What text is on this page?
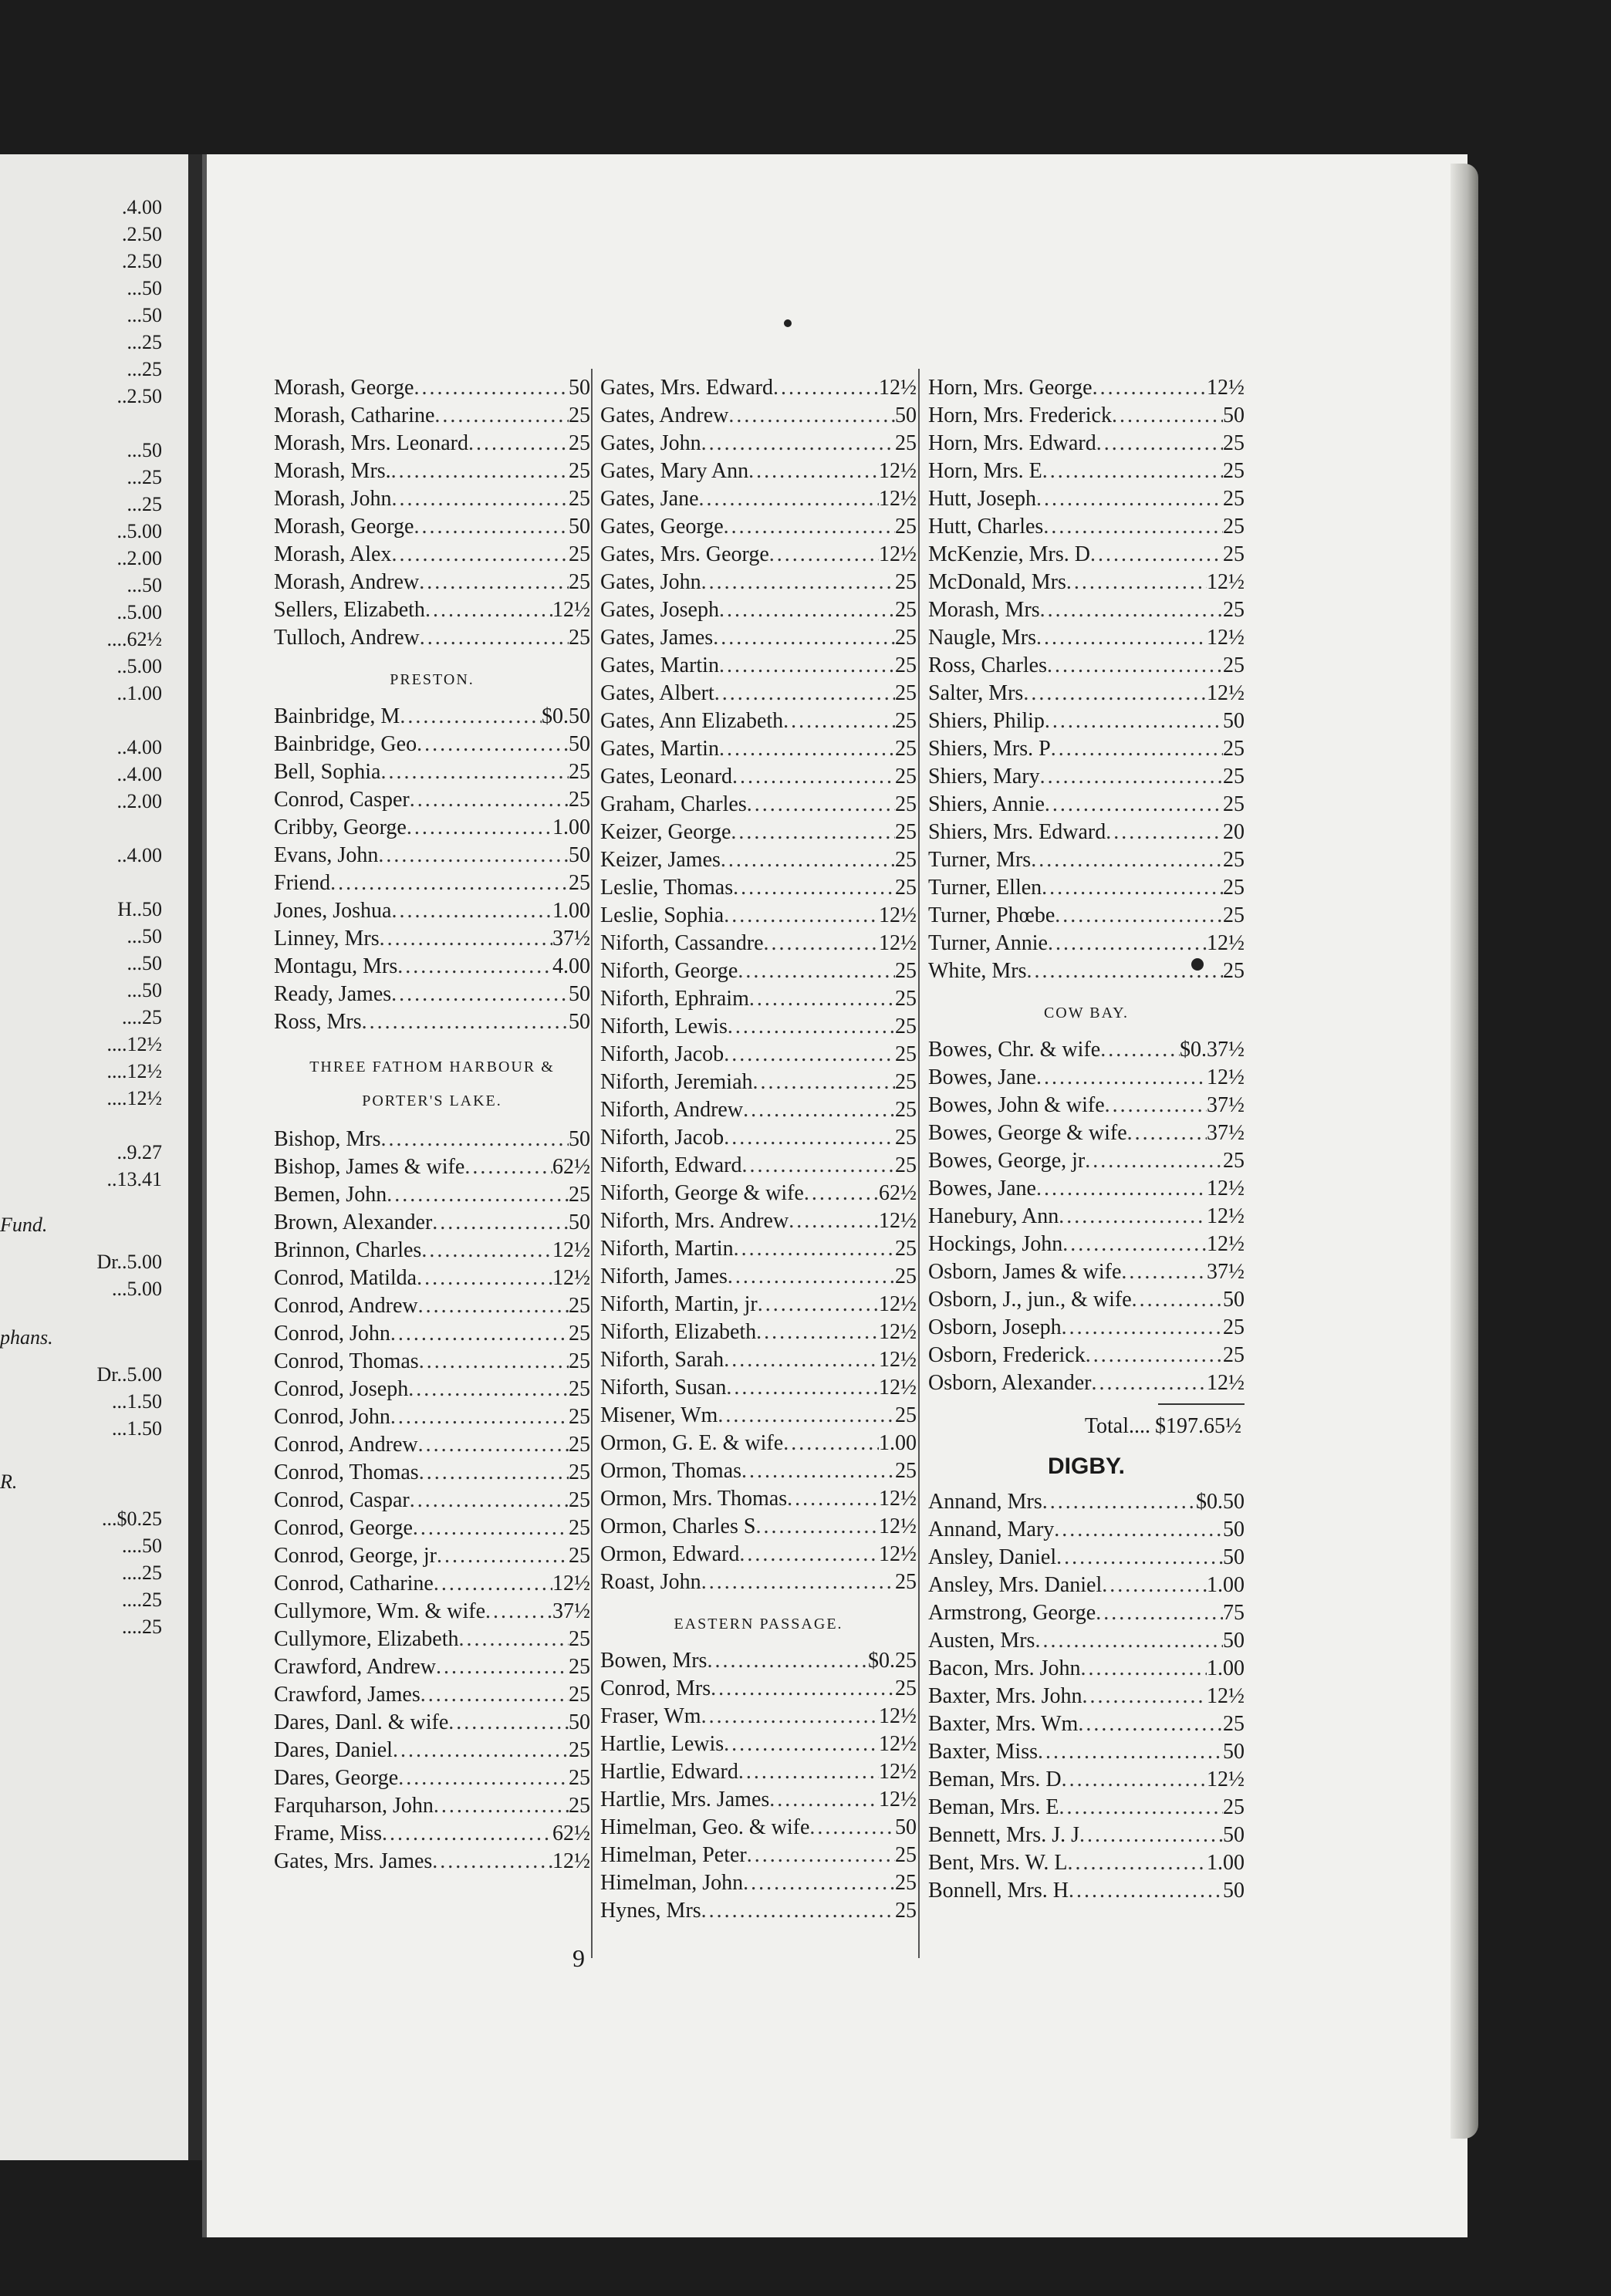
.4.00
.2.50
.2.50
...50
...50
...25
...25
..2.50
...50
...25
...25
..5.00
..2.00
...50
..5.00
....62½
..5.00
..1.00
..4.00
..4.00
..2.00
..4.00
H..50
...50
...50
...50
....25
....12½
....12½
....12½
..9.27
..13.41
Fund.
Dr..5.00
...5.00
phans.
Dr..5.00
...1.50
...1.50
R.
...$0.25
....50
....25
....25
....25
Morash, George .....	50
Morash, Catharine .....	25
Morash, Mrs. Leonard .....	25
Morash, Mrs. .....	25
Morash, John .....	25
Morash, George .....	50
Morash, Alex .....	25
Morash, Andrew .....	25
Sellers, Elizabeth .....	12½
Tulloch, Andrew .....	25
PRESTON.
Bainbridge, M .....	$0.50
Bainbridge, Geo .....	50
Bell, Sophia .....	25
Conrod, Casper .....	25
Cribby, George .....	1.00
Evans, John .....	50
Friend .....	25
Jones, Joshua .....	1.00
Linney, Mrs .....	37½
Montagu, Mrs .....	4.00
Ready, James .....	50
Ross, Mrs .....	50
THREE FATHOM HARBOUR &
PORTER'S LAKE.
Bishop, Mrs .....	50
Bishop, James & wife .....	62½
Bemen, John .....	25
Brown, Alexander .....	50
Brinnon, Charles .....	12½
Conrod, Matilda .....	12½
Conrod, Andrew .....	25
Conrod, John .....	25
Conrod, Thomas .....	25
Conrod, Joseph .....	25
Conrod, John .....	25
Conrod, Andrew .....	25
Conrod, Thomas .....	25
Conrod, Caspar .....	25
Conrod, George .....	25
Conrod, George, jr .....	25
Conrod, Catharine .....	12½
Cullymore, Wm. & wife .....	37½
Cullymore, Elizabeth .....	25
Crawford, Andrew .....	25
Crawford, James .....	25
Dares, Danl. & wife .....	50
Dares, Daniel .....	25
Dares, George .....	25
Farquharson, John .....	25
Frame, Miss .....	62½
Gates, Mrs. James .....	12½
Gates, Mrs. Edward .....	12½
Gates, Andrew .....	50
Gates, John .....	25
Gates, Mary Ann .....	12½
Gates, Jane .....	12½
Gates, George .....	25
Gates, Mrs. George .....	12½
Gates, John .....	25
Gates, Joseph .....	25
Gates, James .....	25
Gates, Martin .....	25
Gates, Albert .....	25
Gates, Ann Elizabeth .....	25
Gates, Martin .....	25
Gates, Leonard .....	25
Graham, Charles .....	25
Keizer, George .....	25
Keizer, James .....	25
Leslie, Thomas .....	25
Leslie, Sophia .....	12½
Niforth, Cassandre .....	12½
Niforth, George .....	25
Niforth, Ephraim .....	25
Niforth, Lewis .....	25
Niforth, Jacob .....	25
Niforth, Jeremiah .....	25
Niforth, Andrew .....	25
Niforth, Jacob .....	25
Niforth, Edward .....	25
Niforth, George & wife .....	62½
Niforth, Mrs. Andrew .....	12½
Niforth, Martin .....	25
Niforth, James .....	25
Niforth, Martin, jr .....	12½
Niforth, Elizabeth .....	12½
Niforth, Sarah .....	12½
Niforth, Susan .....	12½
Misener, Wm .....	25
Ormon, G. E. & wife .....	1.00
Ormon, Thomas .....	25
Ormon, Mrs. Thomas .....	12½
Ormon, Charles S .....	12½
Ormon, Edward .....	12½
Roast, John .....	25
EASTERN PASSAGE.
Bowen, Mrs .....	$0.25
Conrod, Mrs .....	25
Fraser, Wm .....	12½
Hartlie, Lewis .....	12½
Hartlie, Edward .....	12½
Hartlie, Mrs. James .....	12½
Himelman, Geo. & wife .....	50
Himelman, Peter .....	25
Himelman, John .....	25
Hynes, Mrs .....	25
Horn, Mrs. George .....	12½
Horn, Mrs. Frederick .....	50
Horn, Mrs. Edward .....	25
Horn, Mrs. E .....	25
Hutt, Joseph .....	25
Hutt, Charles .....	25
McKenzie, Mrs. D .....	25
McDonald, Mrs .....	12½
Morash, Mrs .....	25
Naugle, Mrs .....	12½
Ross, Charles .....	25
Salter, Mrs .....	12½
Shiers, Philip .....	50
Shiers, Mrs. P .....	25
Shiers, Mary .....	25
Shiers, Annie .....	25
Shiers, Mrs. Edward .....	20
Turner, Mrs .....	25
Turner, Ellen .....	25
Turner, Phœbe .....	25
Turner, Annie .....	12½
White, Mrs .....	25
COW BAY.
Bowes, Chr. & wife .....	$0.37½
Bowes, Jane .....	12½
Bowes, John & wife .....	37½
Bowes, George & wife .....	37½
Bowes, George, jr .....	25
Bowes, Jane .....	12½
Hanebury, Ann .....	12½
Hockings, John .....	12½
Osborn, James & wife .....	37½
Osborn, J., jun., & wife .....	50
Osborn, Joseph .....	25
Osborn, Frederick .....	25
Osborn, Alexander .....	12½
Total.... $197.65½
DIGBY.
Annand, Mrs .....	$0.50
Annand, Mary .....	50
Ansley, Daniel .....	50
Ansley, Mrs. Daniel .....	1.00
Armstrong, George .....	75
Austen, Mrs .....	50
Bacon, Mrs. John .....	1.00
Baxter, Mrs. John .....	12½
Baxter, Mrs. Wm .....	25
Baxter, Miss .....	50
Beman, Mrs. D .....	12½
Beman, Mrs. E .....	25
Bennett, Mrs. J. J .....	50
Bent, Mrs. W. L .....	1.00
Bonnell, Mrs. H .....	50
9
